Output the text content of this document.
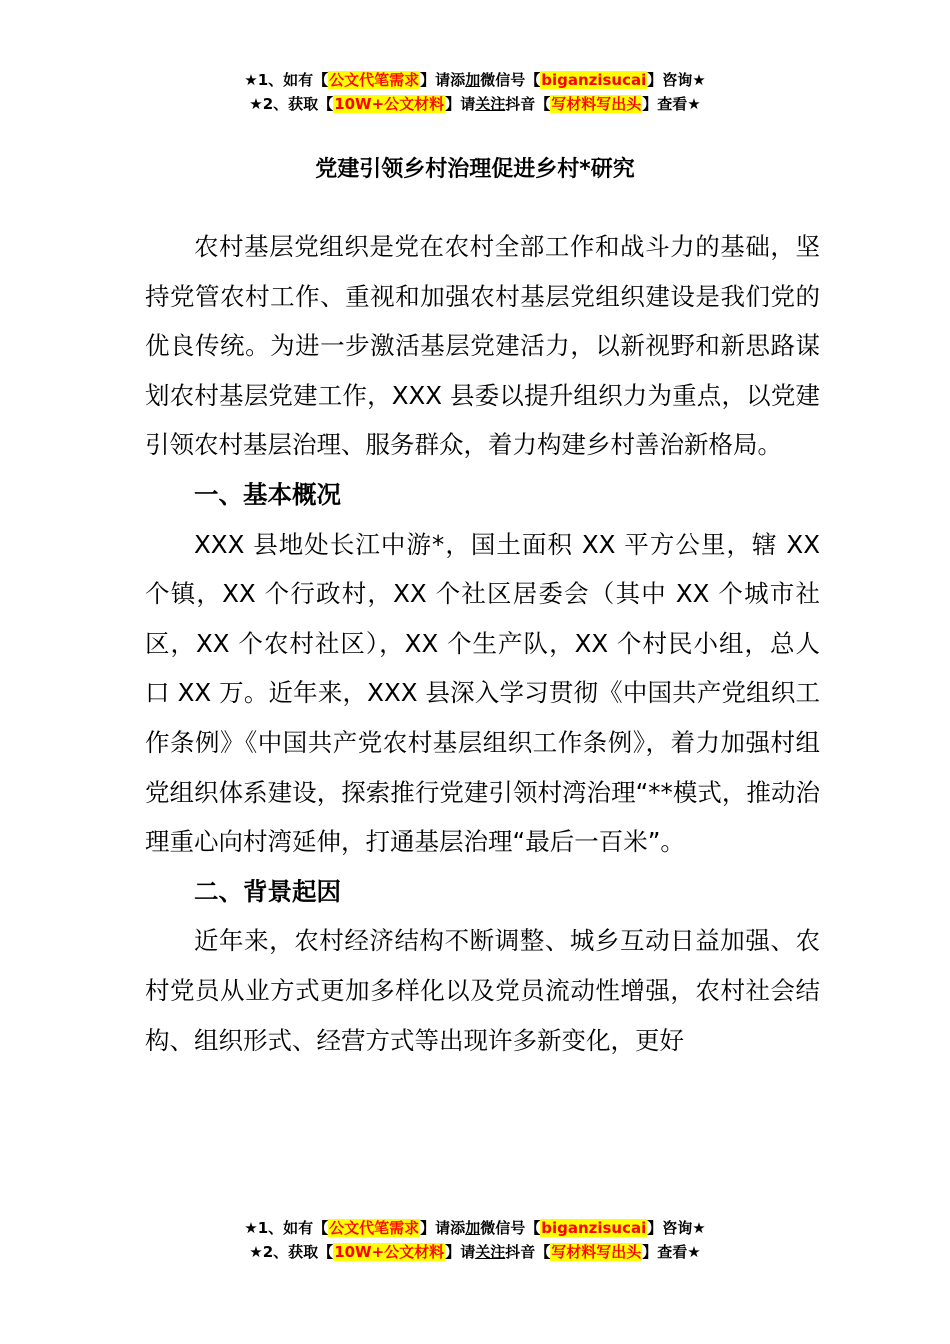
★1、如有【公文代笔需求】请添加微信号【biganzisucai】咨询★
★2、获取【10W+公文材料】请关注抖音【写材料写出头】查看★
党建引领乡村治理促进乡村*研究

农村基层党组织是党在农村全部工作和战斗力的基础，坚持党管农村工作、重视和加强农村基层党组织建设是我们党的优良传统。为进一步激活基层党建活力，以新视野和新思路谋划农村基层党建工作，XXX 县委以提升组织力为重点，以党建引领农村基层治理、服务群众，着力构建乡村善治新格局。

一、基本概况

XXX 县地处长江中游*，国土面积 XX 平方公里，辖 XX 个镇，XX 个行政村，XX 个社区居委会（其中 XX 个城市社区，XX 个农村社区），XX 个生产队，XX 个村民小组，总人口 XX 万。近年来，XXX 县深入学习贯彻《中国共产党组织工作条例》《中国共产党农村基层组织工作条例》，着力加强村组党组织体系建设，探索推行党建引领村湾治理“**模式，推动治理重心向村湾延伸，打通基层治理“最后一百米”。

二、背景起因

近年来，农村经济结构不断调整、城乡互动日益加强、农村党员从业方式更加多样化以及党员流动性增强，农村社会结构、组织形式、经营方式等出现许多新变化，更好

★1、如有【公文代笔需求】请添加微信号【biganzisucai】咨询★
★2、获取【10W+公文材料】请关注抖音【写材料写出头】查看★
